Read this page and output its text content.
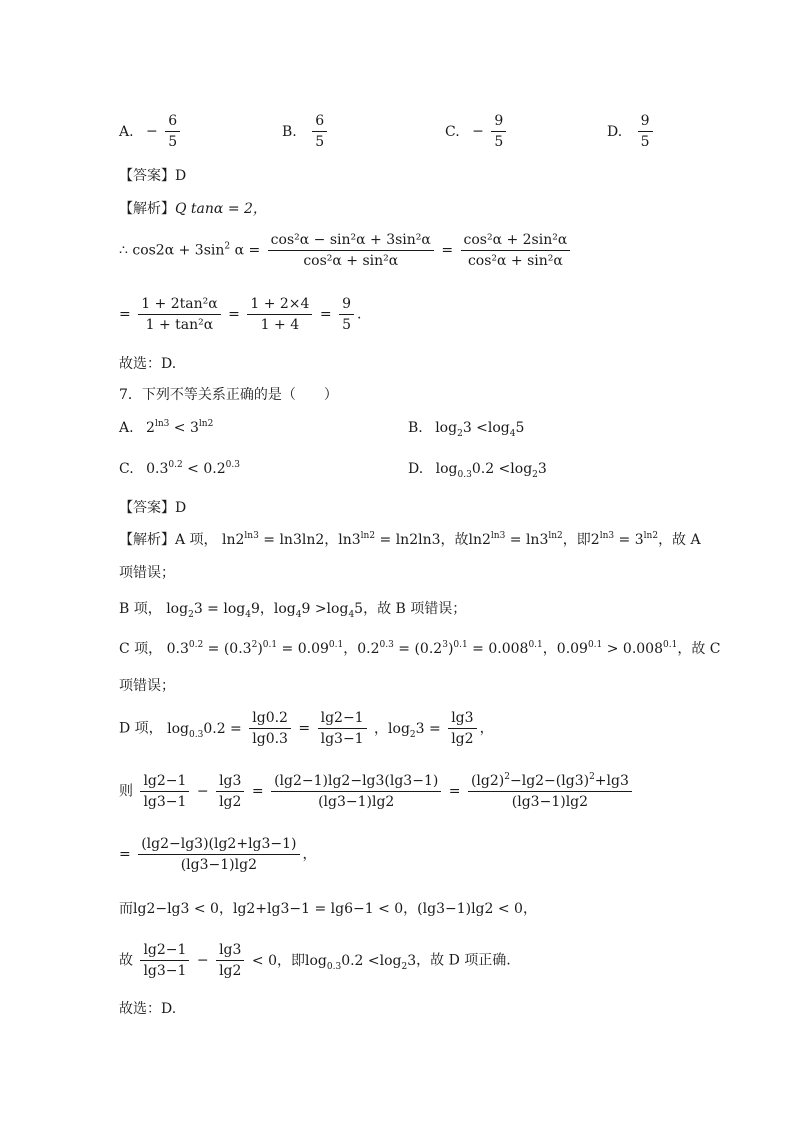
A. − $\frac{6}{5}$	B. $\frac{6}{5}$	C. − $\frac{9}{5}$	D. $\frac{9}{5}$
【答案】D
【解析】Q tanα = 2，
∴ $\cos 2\alpha + 3\sin^2$ $\alpha = \frac{\text{cos²α − sin²α + 3sin²α}}{\text{cos²α + sin²α}} = \frac{\text{cos²α + 2sin²α}}{\text{cos²α + sin²α}}$
= $\frac{\text{1 + 2tan²α}}{\text{1 + tan²α}} = \frac{1 + 2\times 4}{1 + 4} = \frac{9}{5}$ .
故选：D.
7．下列不等关系正确的是（　　）
A. $2^{ln3} < 3^{ln2}$	B. $\log_23 <\log_45$
C. $0.3^{0.2} < 0.2^{0.3}$	D. $\log_{0.3}0.2 <\log_23$
【答案】D
【解析】A 项， $\ln 2^{ln3} = \ln 3\ln 2$，$\ln 3^{ln2} = \ln 2\ln 3$，故$\ln 2^{ln3} = \ln 3^{ln2}$，即$2^{ln3} = 3^{ln2}$，故 A
项错误；
B 项， $\log_23 = \log_49$，$\log_49 >\log_45$，故 B 项错误；
C 项， $0.3^{0.2} = (0.3^2)^{0.1} = 0.09^{0.1}$，$0.2^{0.3} = (0.2^3)^{0.1} = 0.008^{0.1}$，$0.09^{0.1} > 0.008^{0.1}$，故 C
项错误；
D 项， $\log_{0.3}0.2 = \frac{\lg 0.2}{\lg 0.3} = \frac{\lg 2-1}{\lg 3-1}$ ，$\log_23 = \frac{\lg 3}{\lg 2}$ ，
则 $\frac{\lg 2-1}{\lg 3-1} - \frac{\lg 3}{\lg 2} = \frac{(\lg 2-1)\lg 2-\lg 3(\lg 3-1)}{(\lg 3-1)\lg 2} = \frac{(\lg 2)^2-\lg 2-(\lg 3)^2+\lg 3}{(\lg 3-1)\lg 2}$
= $\frac{(\lg 2-\lg 3)(\lg 2+\lg 3-1)}{(\lg 3-1)\lg 2}$ ，
而lg2−lg3 < 0，lg2+lg3−1 = lg6−1 < 0，(lg3−1)lg2 < 0，
故 $\frac{\lg 2-1}{\lg 3-1} - \frac{\lg 3}{\lg 2} < 0$，即$\log_{0.3}0.2 <\log_23$，故 D 项正确.
故选：D.
